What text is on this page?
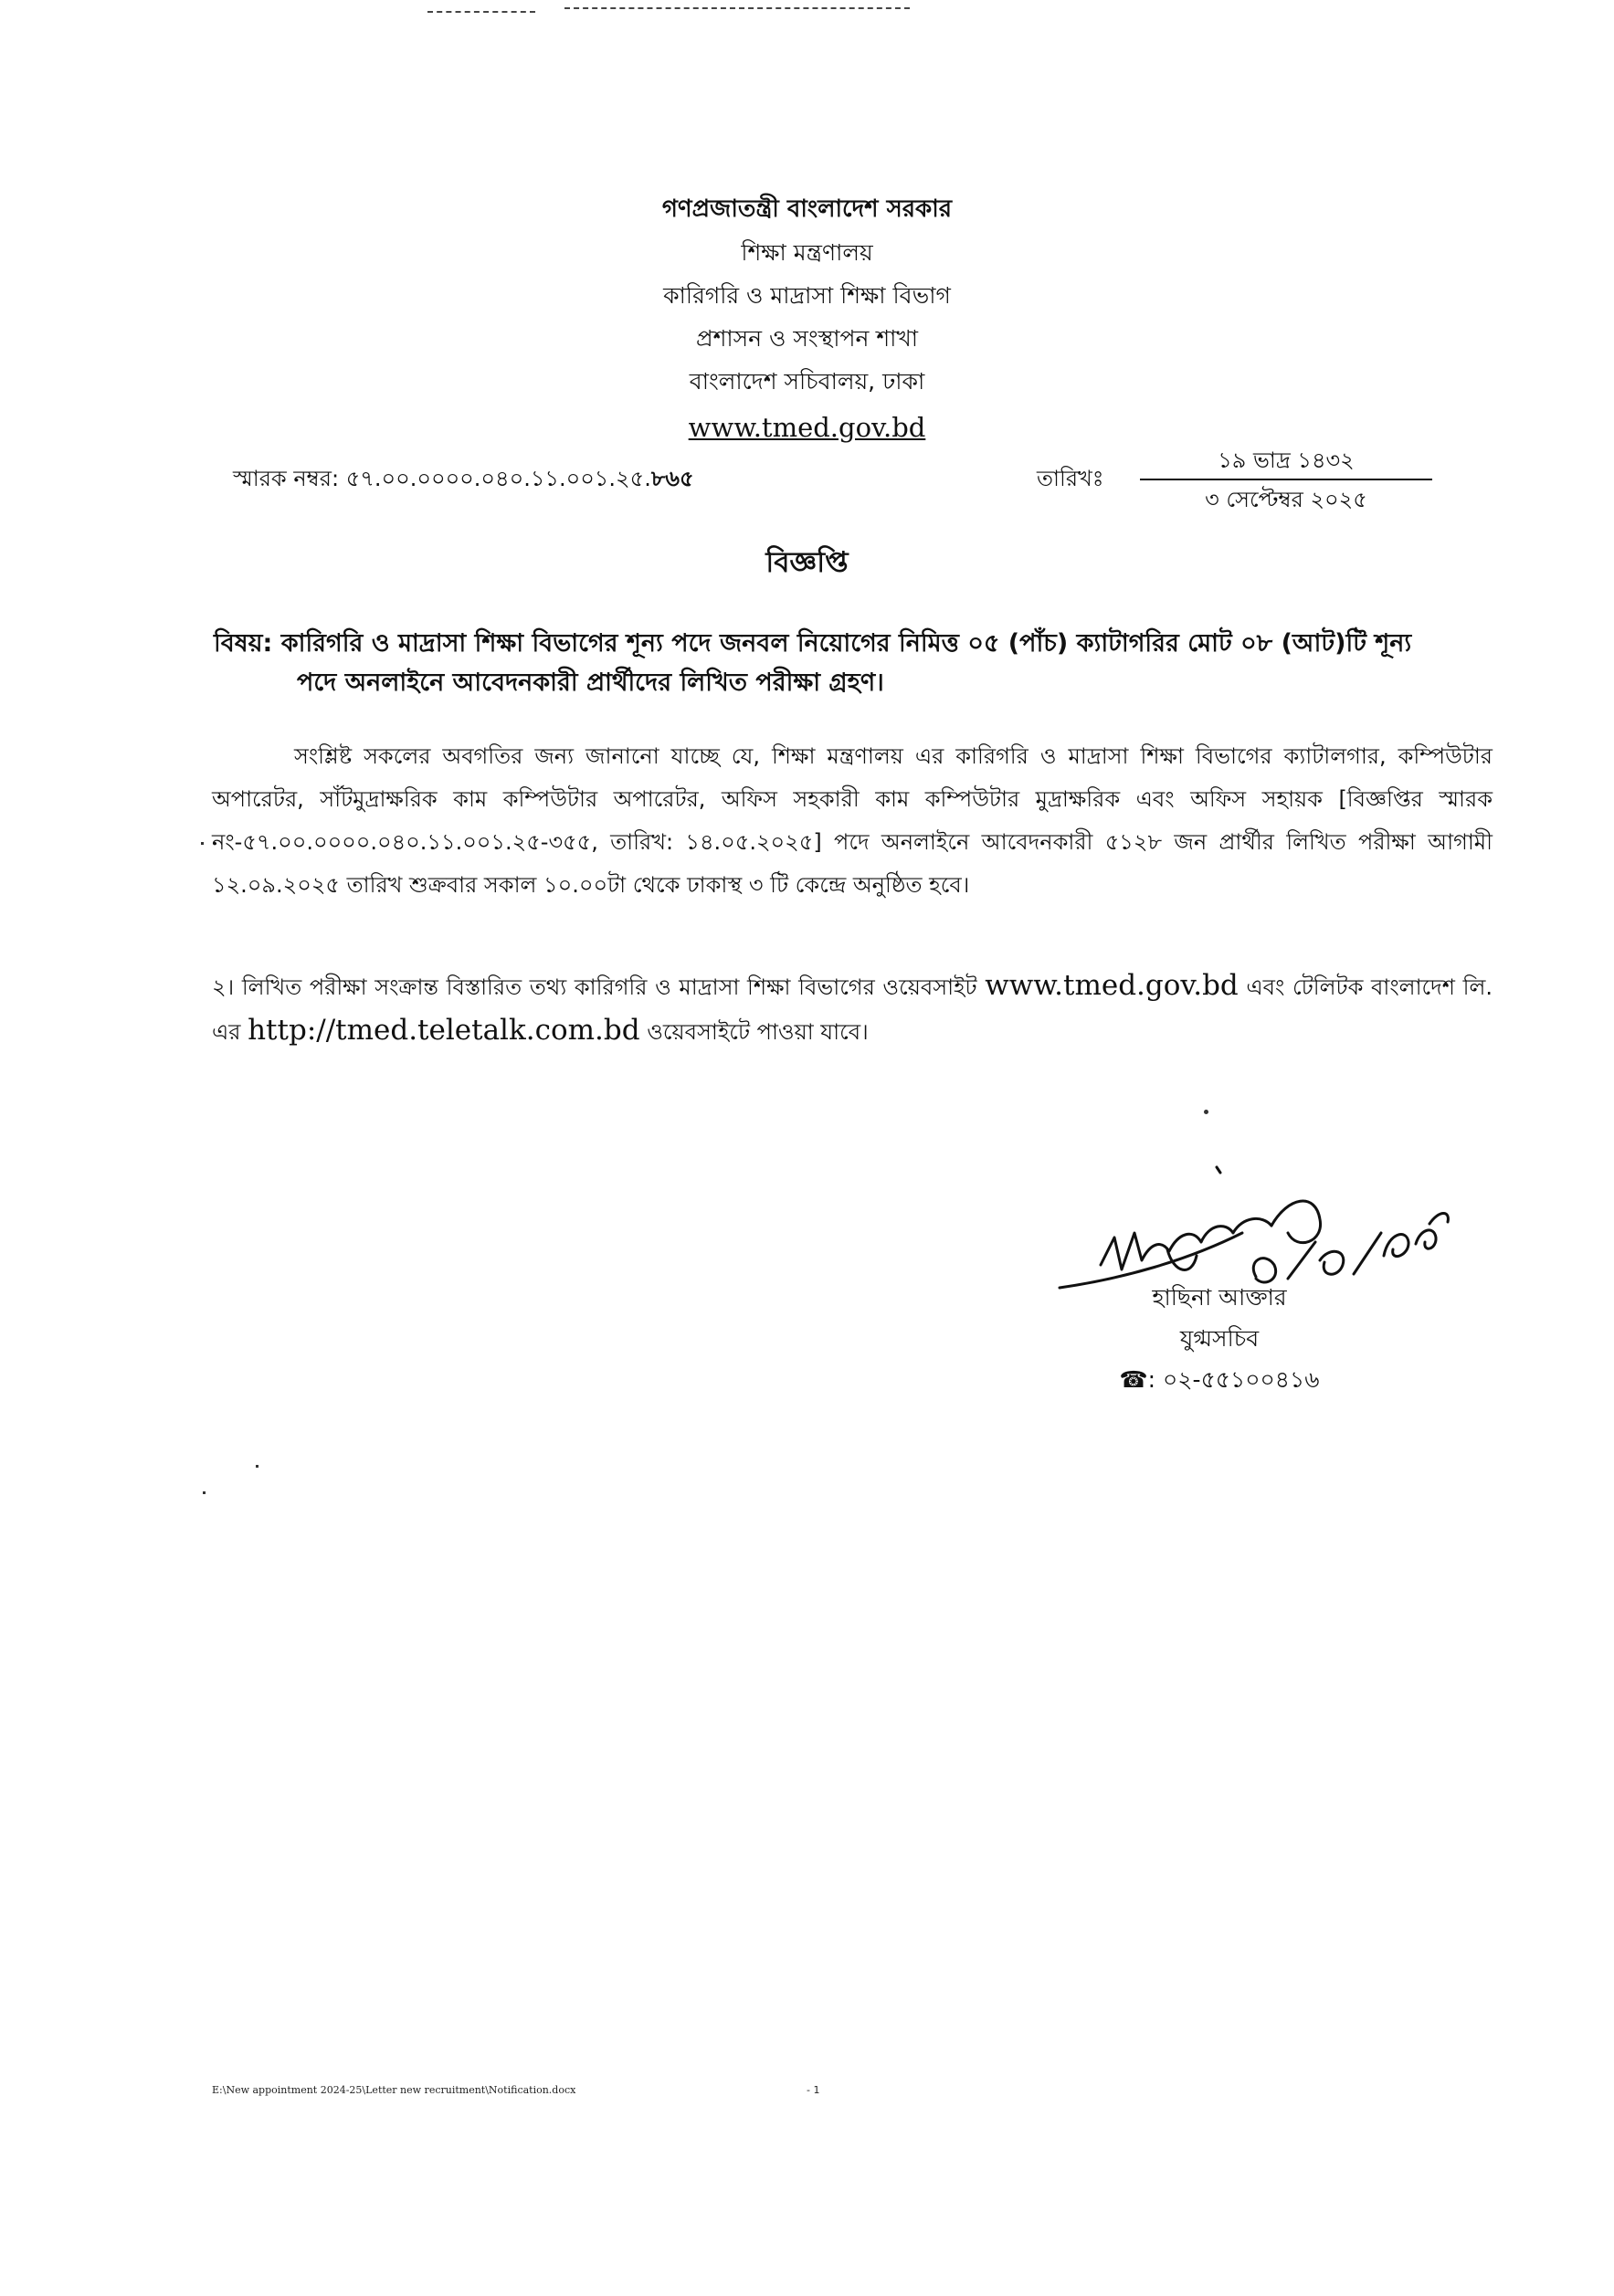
গণপ্রজাতন্ত্রী বাংলাদেশ সরকার
শিক্ষা মন্ত্রণালয়
কারিগরি ও মাদ্রাসা শিক্ষা বিভাগ
প্রশাসন ও সংস্থাপন শাখা
বাংলাদেশ সচিবালয়, ঢাকা
www.tmed.gov.bd
স্মারক নম্বর: ৫৭.০০.০০০০.০৪০.১১.০০১.২৫.৮৬৫	তারিখঃ
১৯ ভাদ্র ১৪৩২
৩ সেপ্টেম্বর ২০২৫
বিজ্ঞপ্তি
বিষয়: কারিগরি ও মাদ্রাসা শিক্ষা বিভাগের শূন্য পদে জনবল নিয়োগের নিমিত্ত ০৫ (পাঁচ) ক্যাটাগরির মোট ০৮ (আট)টি শূন্য
পদে অনলাইনে আবেদনকারী প্রার্থীদের লিখিত পরীক্ষা গ্রহণ।
সংশ্লিষ্ট সকলের অবগতির জন্য জানানো যাচ্ছে যে, শিক্ষা মন্ত্রণালয় এর কারিগরি ও মাদ্রাসা শিক্ষা বিভাগের ক্যাটালগার, কম্পিউটার অপারেটর, সাঁটমুদ্রাক্ষরিক কাম কম্পিউটার অপারেটর, অফিস সহকারী কাম কম্পিউটার মুদ্রাক্ষরিক এবং অফিস সহায়ক [বিজ্ঞপ্তির স্মারক নং-৫৭.০০.০০০০.০৪০.১১.০০১.২৫-৩৫৫, তারিখ: ১৪.০৫.২০২৫] পদে অনলাইনে আবেদনকারী ৫১২৮ জন প্রার্থীর লিখিত পরীক্ষা আগামী ১২.০৯.২০২৫ তারিখ শুক্রবার সকাল ১০.০০টা থেকে ঢাকাস্থ ৩ টি কেন্দ্রে অনুষ্ঠিত হবে।
২। লিখিত পরীক্ষা সংক্রান্ত বিস্তারিত তথ্য কারিগরি ও মাদ্রাসা শিক্ষা বিভাগের ওয়েবসাইট www.tmed.gov.bd এবং টেলিটক বাংলাদেশ লি. এর http://tmed.teletalk.com.bd ওয়েবসাইটে পাওয়া যাবে।
হাছিনা আক্তার
যুগ্মসচিব
☎: ০২-৫৫১০০৪১৬
E:\New appointment 2024-25\Letter new recruitment\Notification.docx	- 1
